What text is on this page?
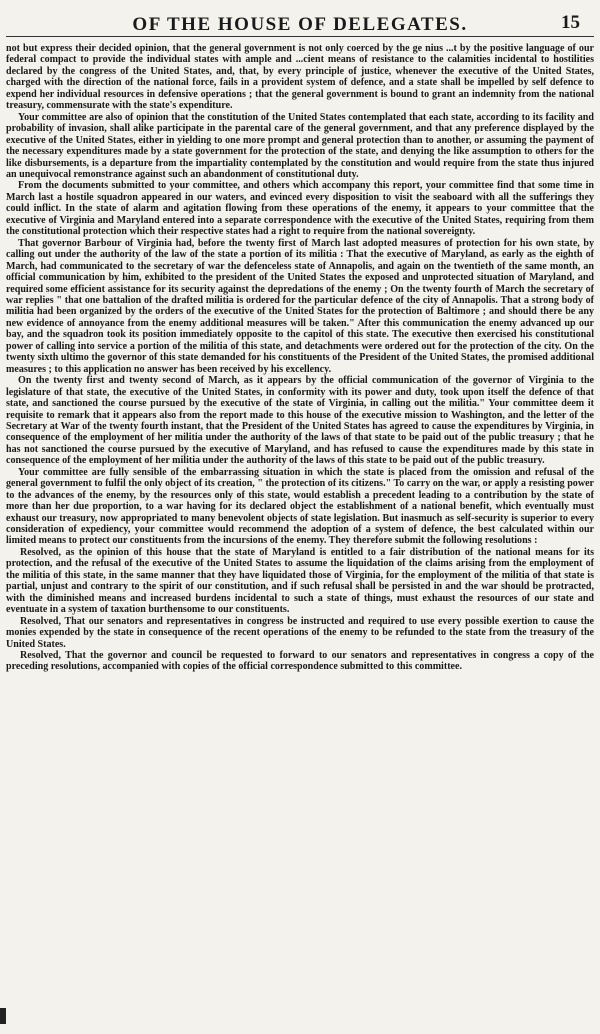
OF THE HOUSE OF DELEGATES.	15

not but express their decided opinion, that the general government is not only coerced by the ge nius ...t by the positive language of our federal compact to provide the individual states with ample and ...cient means of resistance to the calamities incidental to hostilities declared by the congress of the United States, and, that, by every principle of justice, whenever the executive of the United States, charged with the direction of the national force, fails in a provident system of defence, and a state shall be impelled by self defence to expend her individual resources in defensive operations ; that the general government is bound to grant an indemnity from the national treasury, commensurate with the state's expenditure.

Your committee are also of opinion that the constitution of the United States contemplated that each state, according to its facility and probability of invasion, shall alike participate in the parental care of the general government, and that any preference displayed by the executive of the United States, either in yielding to one more prompt and general protection than to another, or assuming the payment of the necessary expenditures made by a state government for the protection of the state, and denying the like assumption to others for the like disbursements, is a departure from the impartiality contemplated by the constitution and would require from the state thus injured an unequivocal remonstrance against such an abandonment of constitutional duty.

From the documents submitted to your committee, and others which accompany this report, your committee find that some time in March last a hostile squadron appeared in our waters, and evinced every disposition to visit the seaboard with all the sufferings they could inflict. In the state of alarm and agitation flowing from these operations of the enemy, it appears to your committee that the executive of Virginia and Maryland entered into a separate correspondence with the executive of the United States, requiring from them the constitutional protection which their respective states had a right to require from the national sovereignty.

That governor Barbour of Virginia had, before the twenty first of March last adopted measures of protection for his own state, by calling out under the authority of the law of the state a portion of its militia : That the executive of Maryland, as early as the eighth of March, had communicated to the secretary of war the defenceless state of Annapolis, and again on the twentieth of the same month, an official communication by him, exhibited to the president of the United States the exposed and unprotected situation of Maryland, and required some efficient assistance for its security against the depredations of the enemy ; On the twenty fourth of March the secretary of war replies " that one battalion of the drafted militia is ordered for the particular defence of the city of Annapolis. That a strong body of militia had been organized by the orders of the executive of the United States for the protection of Baltimore ; and should there be any new evidence of annoyance from the enemy additional measures will be taken." After this communication the enemy advanced up our bay, and the squadron took its position immediately opposite to the capitol of this state. The executive then exercised his constitutional power of calling into service a portion of the militia of this state, and detachments were ordered out for the protection of the city. On the twenty sixth ultimo the governor of this state demanded for his constituents of the President of the United States, the promised additional measures ; to this application no answer has been received by his excellency.

On the twenty first and twenty second of March, as it appears by the official communication of the governor of Virginia to the legislature of that state, the executive of the United States, in conformity with its power and duty, took upon itself the defence of that state, and sanctioned the course pursued by the executive of the state of Virginia, in calling out the militia." Your committee deem it requisite to remark that it appears also from the report made to this house of the executive mission to Washington, and the letter of the Secretary at War of the twenty fourth instant, that the President of the United States has agreed to cause the expenditures by Virginia, in consequence of the employment of her militia under the authority of the laws of that state to be paid out of the public treasury ; that he has not sanctioned the course pursued by the executive of Maryland, and has refused to cause the expenditures made by this state in consequence of the employment of her militia under the authority of the laws of this state to be paid out of the public treasury.

Your committee are fully sensible of the embarrassing situation in which the state is placed from the omission and refusal of the general government to fulfil the only object of its creation, " the protection of its citizens." To carry on the war, or apply a resisting power to the advances of the enemy, by the resources only of this state, would establish a precedent leading to a contribution by the state of more than her due proportion, to a war having for its declared object the establishment of a national benefit, which eventually must exhaust our treasury, now appropriated to many benevolent objects of state legislation. But inasmuch as self-security is superior to every consideration of expediency, your committee would recommend the adoption of a system of defence, the best calculated within our limited means to protect our constituents from the incursions of the enemy. They therefore submit the following resolutions :

Resolved, as the opinion of this house that the state of Maryland is entitled to a fair distribution of the national means for its protection, and the refusal of the executive of the United States to assume the liquidation of the claims arising from the employment of the militia of this state, in the same manner that they have liquidated those of Virginia, for the employment of the militia of that state is partial, unjust and contrary to the spirit of our constitution, and if such refusal shall be persisted in and the war should be protracted, with the diminished means and increased burdens incidental to such a state of things, must exhaust the resources of our state and eventuate in a system of taxation burthensome to our constituents.

Resolved, That our senators and representatives in congress be instructed and required to use every possible exertion to cause the monies expended by the state in consequence of the recent operations of the enemy to be refunded to the state from the treasury of the United States.

Resolved, That the governor and council be requested to forward to our senators and representatives in congress a copy of the preceding resolutions, accompanied with copies of the official correspondence submitted to this committee.
